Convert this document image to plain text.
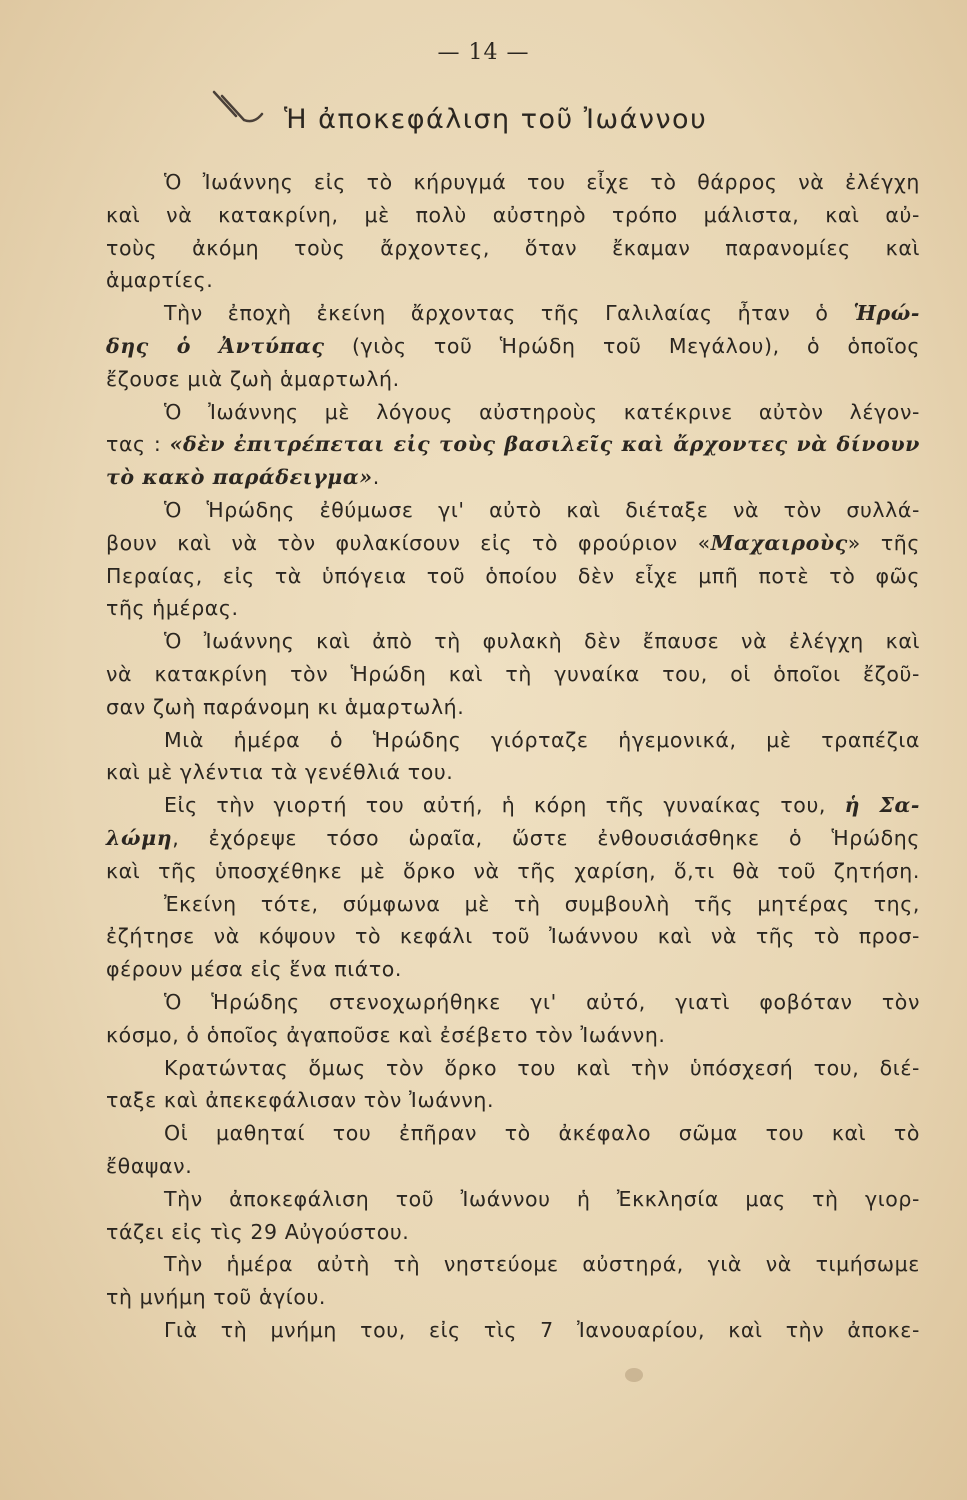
— 14 —
Ἡ ἀποκεφάλιση τοῦ Ἰωάννου
Ὁ Ἰωάννης εἰς τὸ κήρυγμά του εἶχε τὸ θάρρος νὰ ἐλέγχη
καὶ νὰ κατακρίνη, μὲ πολὺ αὐστηρὸ τρόπο μάλιστα, καὶ αὐ-
τοὺς ἀκόμη τοὺς ἄρχοντες, ὅταν ἔκαμαν παρανομίες καὶ
ἁμαρτίες.
Τὴν ἐποχὴ ἐκείνη ἄρχοντας τῆς Γαλιλαίας ἦταν ὁ Ἡρώ-
δης ὁ Ἀντύπας (γιὸς τοῦ Ἡρώδη τοῦ Μεγάλου), ὁ ὁποῖος
ἔζουσε μιὰ ζωὴ ἁμαρτωλή.
Ὁ Ἰωάννης μὲ λόγους αὐστηροὺς κατέκρινε αὐτὸν λέγον-
τας : «δὲν ἐπιτρέπεται εἰς τοὺς βασιλεῖς καὶ ἄρχοντες νὰ δίνουν
τὸ κακὸ παράδειγμα».
Ὁ Ἡρώδης ἐθύμωσε γι' αὐτὸ καὶ διέταξε νὰ τὸν συλλά-
βουν καὶ νὰ τὸν φυλακίσουν εἰς τὸ φρούριον «Μαχαιροὺς» τῆς
Περαίας, εἰς τὰ ὑπόγεια τοῦ ὁποίου δὲν εἶχε μπῆ ποτὲ τὸ φῶς
τῆς ἡμέρας.
Ὁ Ἰωάννης καὶ ἀπὸ τὴ φυλακὴ δὲν ἔπαυσε νὰ ἐλέγχη καὶ
νὰ κατακρίνη τὸν Ἡρώδη καὶ τὴ γυναίκα του, οἱ ὁποῖοι ἔζοῦ-
σαν ζωὴ παράνομη κι ἁμαρτωλή.
Μιὰ ἡμέρα ὁ Ἡρώδης γιόρταζε ἡγεμονικά, μὲ τραπέζια
καὶ μὲ γλέντια τὰ γενέθλιά του.
Εἰς τὴν γιορτή του αὐτή, ἡ κόρη τῆς γυναίκας του, ἡ Σα-
λώμη, ἐχόρεψε τόσο ὡραῖα, ὥστε ἐνθουσιάσθηκε ὁ Ἡρώδης
καὶ τῆς ὑποσχέθηκε μὲ ὅρκο νὰ τῆς χαρίση, ὅ,τι θὰ τοῦ ζητήση.
Ἐκείνη τότε, σύμφωνα μὲ τὴ συμβουλὴ τῆς μητέρας της,
ἐζήτησε νὰ κόψουν τὸ κεφάλι τοῦ Ἰωάννου καὶ νὰ τῆς τὸ προσ-
φέρουν μέσα εἰς ἕνα πιάτο.
Ὁ Ἡρώδης στενοχωρήθηκε γι' αὐτό, γιατὶ φοβόταν τὸν
κόσμο, ὁ ὁποῖος ἀγαποῦσε καὶ ἐσέβετο τὸν Ἰωάννη.
Κρατώντας ὅμως τὸν ὅρκο του καὶ τὴν ὑπόσχεσή του, διέ-
ταξε καὶ ἀπεκεφάλισαν τὸν Ἰωάννη.
Οἱ μαθηταί του ἐπῆραν τὸ ἀκέφαλο σῶμα του καὶ τὸ
ἔθαψαν.
Τὴν ἀποκεφάλιση τοῦ Ἰωάννου ἡ Ἐκκλησία μας τὴ γιορ-
τάζει εἰς τὶς 29 Αὐγούστου.
Τὴν ἡμέρα αὐτὴ τὴ νηστεύομε αὐστηρά, γιὰ νὰ τιμήσωμε
τὴ μνήμη τοῦ ἁγίου.
Γιὰ τὴ μνήμη του, εἰς τὶς 7 Ἰανουαρίου, καὶ τὴν ἀποκε-
